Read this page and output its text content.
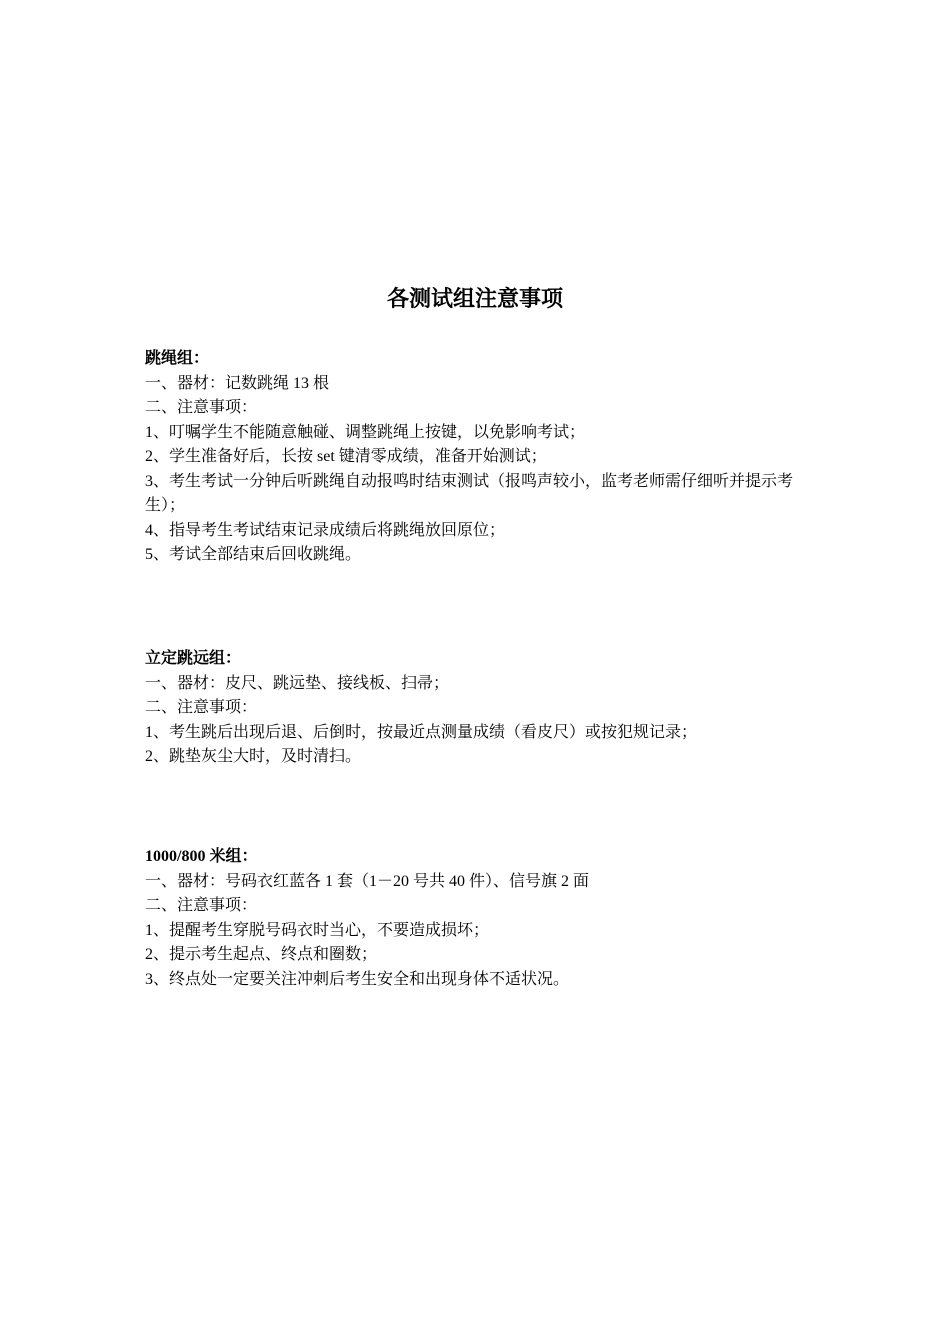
各测试组注意事项

跳绳组：

一、器材：记数跳绳 13 根

二、注意事项：

1、叮嘱学生不能随意触碰、调整跳绳上按键，以免影响考试；

2、学生准备好后，长按 set 键清零成绩，准备开始测试；

3、考生考试一分钟后听跳绳自动报鸣时结束测试（报鸣声较小，监考老师需仔细听并提示考生）；

4、指导考生考试结束记录成绩后将跳绳放回原位；

5、考试全部结束后回收跳绳。

立定跳远组：

一、器材：皮尺、跳远垫、接线板、扫帚；

二、注意事项：

1、考生跳后出现后退、后倒时，按最近点测量成绩（看皮尺）或按犯规记录；

2、跳垫灰尘大时，及时清扫。

1000/800 米组：

一、器材：号码衣红蓝各 1 套（1－20 号共 40 件）、信号旗 2 面

二、注意事项：

1、提醒考生穿脱号码衣时当心，不要造成损坏；

2、提示考生起点、终点和圈数；

3、终点处一定要关注冲刺后考生安全和出现身体不适状况。
